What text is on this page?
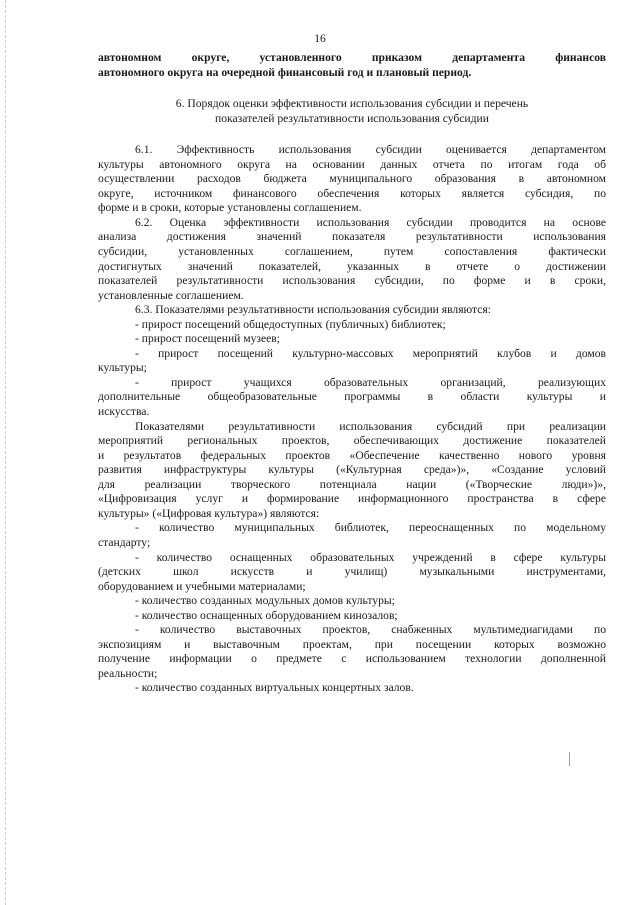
16

автономном округе, установленного приказом департамента финансов

автономного округа на очередной финансовый год и плановый период.

6. Порядок оценки эффективности использования субсидии и перечень

показателей результативности использования субсидии

6.1. Эффективность использования субсидии оценивается департаментом

культуры автономного округа на основании данных отчета по итогам года об

осуществлении расходов бюджета муниципального образования в автономном

округе, источником финансового обеспечения которых является субсидия, по

форме и в сроки, которые установлены соглашением.

6.2. Оценка эффективности использования субсидии проводится на основе

анализа достижения значений показателя результативности использования

субсидии, установленных соглашением, путем сопоставления фактически

достигнутых значений показателей, указанных в отчете о достижении

показателей результативности использования субсидии, по форме и в сроки,

установленные соглашением.

6.3. Показателями результативности использования субсидии являются:

- прирост посещений общедоступных (публичных) библиотек;

- прирост посещений музеев;

- прирост посещений культурно-массовых мероприятий клубов и домов

культуры;

- прирост учащихся образовательных организаций, реализующих

дополнительные общеобразовательные программы в области культуры и

искусства.

Показателями результативности использования субсидий при реализации

мероприятий региональных проектов, обеспечивающих достижение показателей

и результатов федеральных проектов «Обеспечение качественно нового уровня

развития инфраструктуры культуры («Культурная среда»)», «Создание условий

для реализации творческого потенциала нации («Творческие люди»)»,

«Цифровизация услуг и формирование информационного пространства в сфере

культуры» («Цифровая культура») являются:

- количество муниципальных библиотек, переоснащенных по модельному

стандарту;

- количество оснащенных образовательных учреждений в сфере культуры

(детских школ искусств и училищ) музыкальными инструментами,

оборудованием и учебными материалами;

- количество созданных модульных домов культуры;

- количество оснащенных оборудованием кинозалов;

- количество выставочных проектов, снабженных мультимедиагидами по

экспозициям и выставочным проектам, при посещении которых возможно

получение информации о предмете с использованием технологии дополненной

реальности;

- количество созданных виртуальных концертных залов.
